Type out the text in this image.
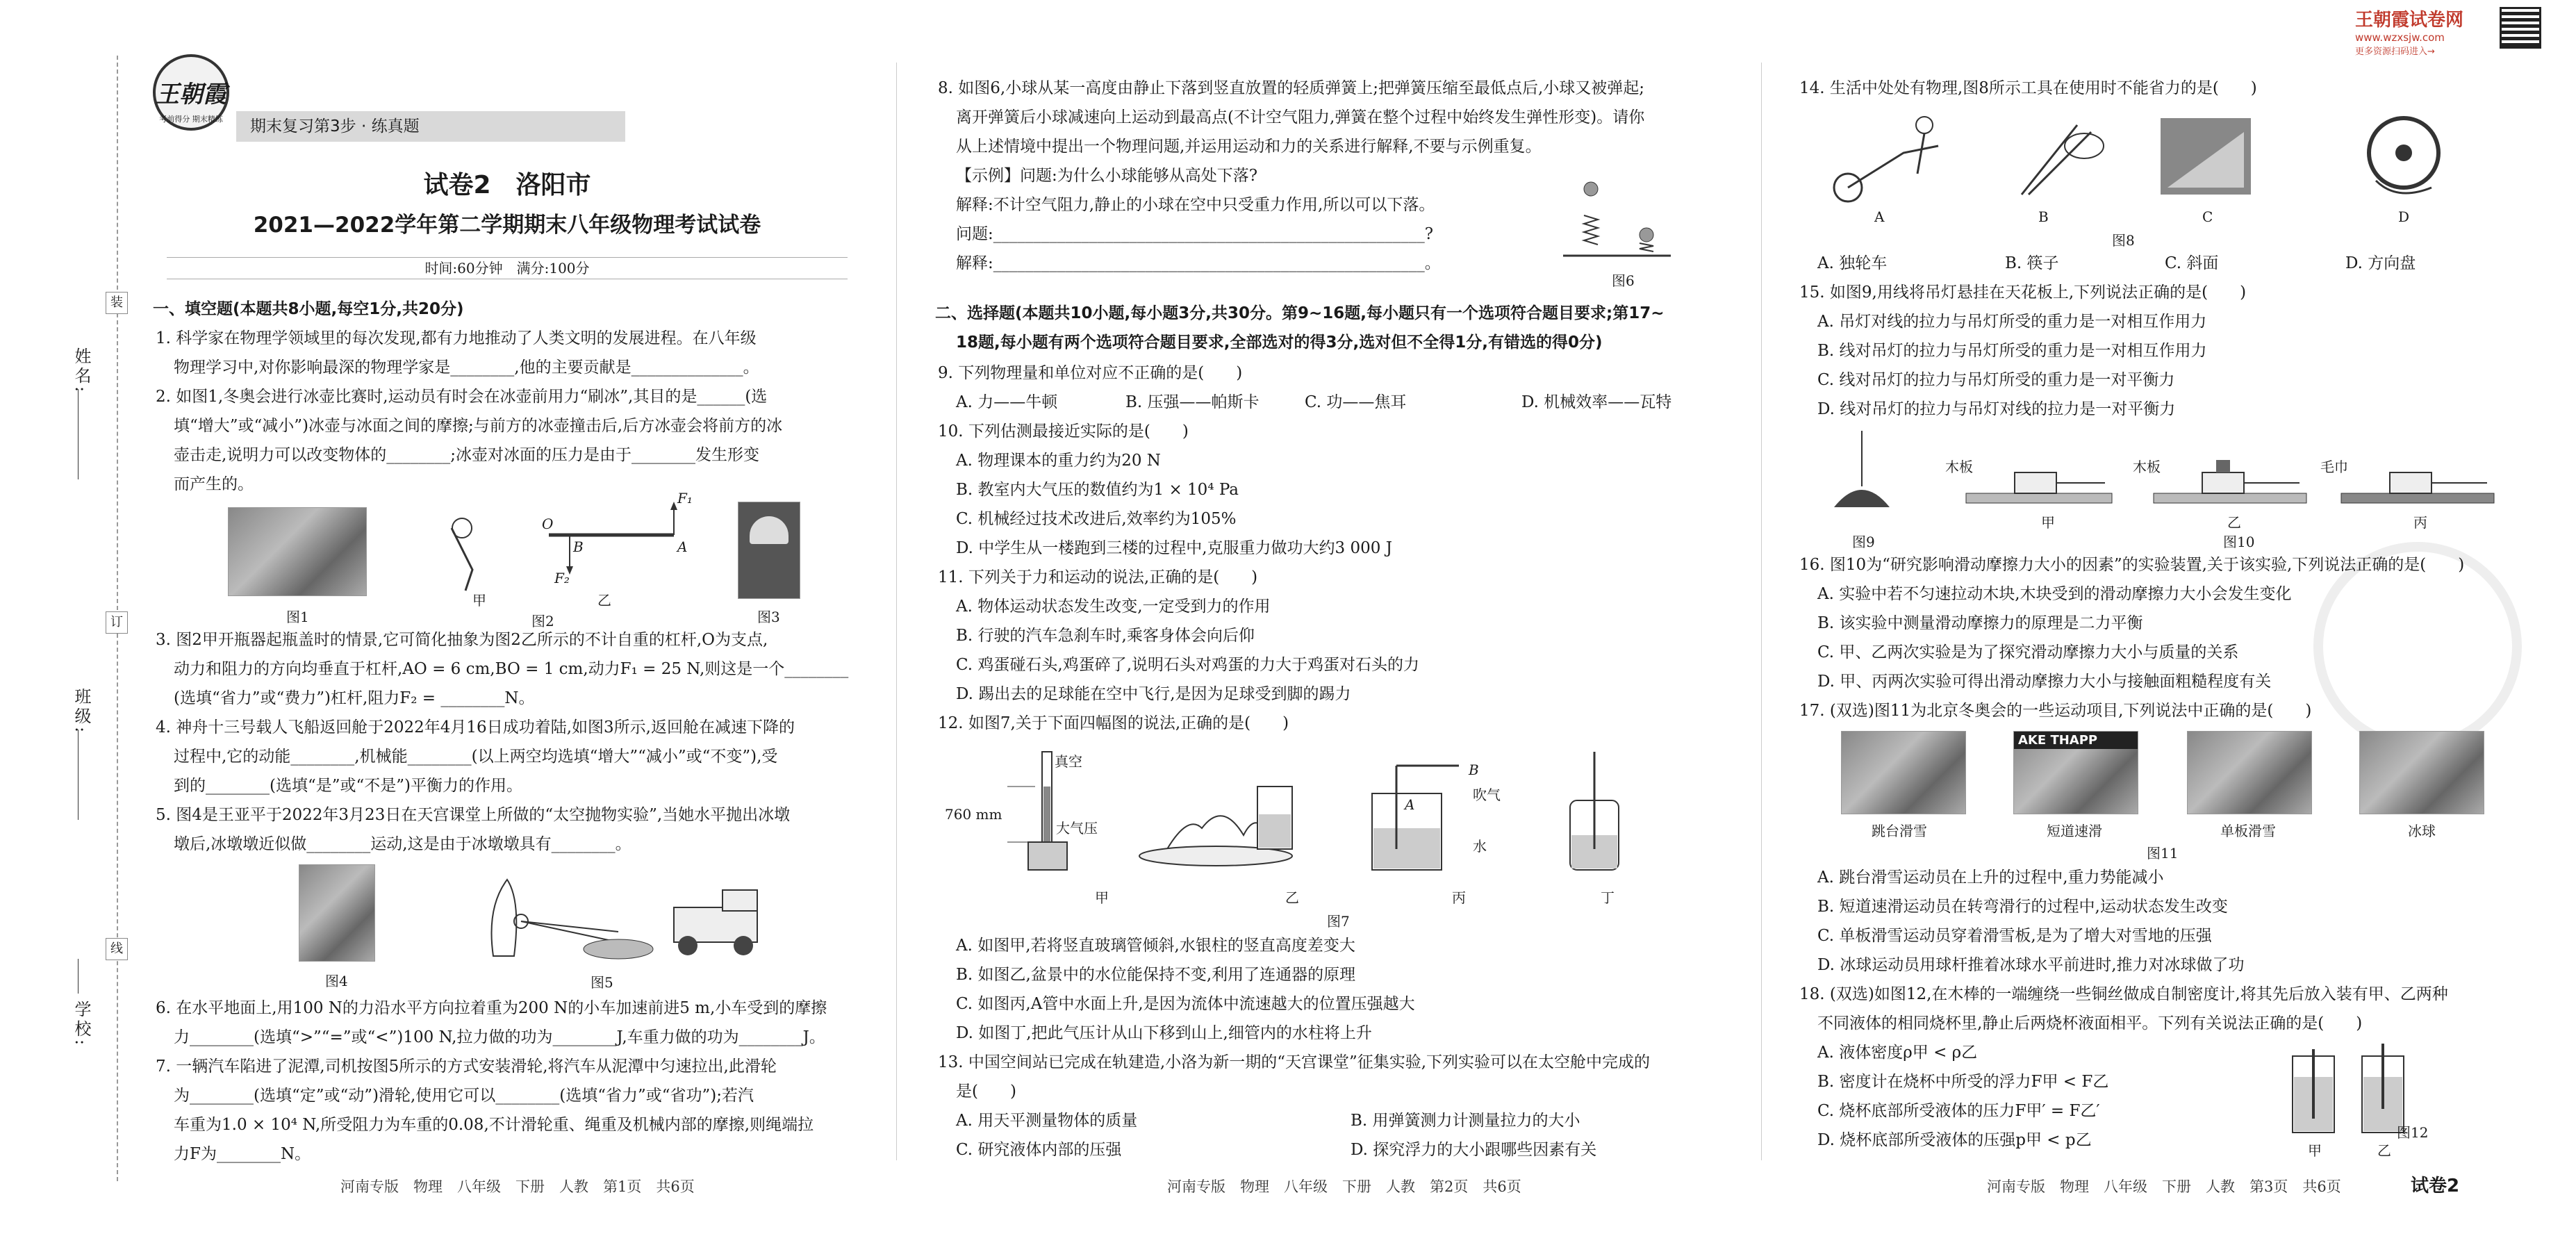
姓名:
班级:
学校:
装
订
线
王朝霞试卷网
www.wzxsjw.com
更多资源扫码进入→
王朝霞
考前得分 期末精练	期末复习第3步 · 练真题
试卷2　洛阳市
2021—2022学年第二学期期末八年级物理考试试卷
时间:60分钟　满分:100分
一、填空题(本题共8小题,每空1分,共20分)
1. 科学家在物理学领域里的每次发现,都有力地推动了人类文明的发展进程。在八年级
物理学习中,对你影响最深的物理学家是________,他的主要贡献是______________。
2. 如图1,冬奥会进行冰壶比赛时,运动员有时会在冰壶前用力“刷冰”,其目的是______(选
填“增大”或“减小”)冰壶与冰面之间的摩擦;与前方的冰壶撞击后,后方冰壶会将前方的冰
壶击走,说明力可以改变物体的________;冰壶对冰面的压力是由于________发生形变
而产生的。
图1
O
B	A
F₁
F₂
甲	乙
图2	图3
3. 图2甲开瓶器起瓶盖时的情景,它可简化抽象为图2乙所示的不计自重的杠杆,O为支点,
动力和阻力的方向均垂直于杠杆,AO = 6 cm,BO = 1 cm,动力F₁ = 25 N,则这是一个________
(选填“省力”或“费力”)杠杆,阻力F₂ = ________N。
4. 神舟十三号载人飞船返回舱于2022年4月16日成功着陆,如图3所示,返回舱在减速下降的
过程中,它的动能________,机械能________(以上两空均选填“增大”“减小”或“不变”),受
到的________(选填“是”或“不是”)平衡力的作用。
5. 图4是王亚平于2022年3月23日在天宫课堂上所做的“太空抛物实验”,当她水平抛出冰墩
墩后,冰墩墩近似做________运动,这是由于冰墩墩具有________。
图4	图5
6. 在水平地面上,用100 N的力沿水平方向拉着重为200 N的小车加速前进5 m,小车受到的摩擦
力________(选填“>”“=”或“<”)100 N,拉力做的功为________J,车重力做的功为________J。
7. 一辆汽车陷进了泥潭,司机按图5所示的方式安装滑轮,将汽车从泥潭中匀速拉出,此滑轮
为________(选填“定”或“动”)滑轮,使用它可以________(选填“省力”或“省功”);若汽
车重为1.0 × 10⁴ N,所受阻力为车重的0.08,不计滑轮重、绳重及机械内部的摩擦,则绳端拉
力F为________N。
河南专版　物理　八年级　下册　人教　第1页　共6页
8. 如图6,小球从某一高度由静止下落到竖直放置的轻质弹簧上;把弹簧压缩至最低点后,小球又被弹起;
离开弹簧后小球减速向上运动到最高点(不计空气阻力,弹簧在整个过程中始终发生弹性形变)。请你
从上述情境中提出一个物理问题,并运用运动和力的关系进行解释,不要与示例重复。
【示例】问题:为什么小球能够从高处下落?
解释:不计空气阻力,静止的小球在空中只受重力作用,所以可以下落。
问题:______________________________________________________?
解释:______________________________________________________。
图6
二、选择题(本题共10小题,每小题3分,共30分。第9~16题,每小题只有一个选项符合题目要求;第17~
18题,每小题有两个选项符合题目要求,全部选对的得3分,选对但不全得1分,有错选的得0分)
9. 下列物理量和单位对应不正确的是(　　)
A. 力——牛顿	B. 压强——帕斯卡	C. 功——焦耳	D. 机械效率——瓦特
10. 下列估测最接近实际的是(　　)
A. 物理课本的重力约为20 N
B. 教室内大气压的数值约为1 × 10⁴ Pa
C. 机械经过技术改进后,效率约为105%
D. 中学生从一楼跑到三楼的过程中,克服重力做功大约3 000 J
11. 下列关于力和运动的说法,正确的是(　　)
A. 物体运动状态发生改变,一定受到力的作用
B. 行驶的汽车急刹车时,乘客身体会向后仰
C. 鸡蛋碰石头,鸡蛋碎了,说明石头对鸡蛋的力大于鸡蛋对石头的力
D. 踢出去的足球能在空中飞行,是因为足球受到脚的踢力
12. 如图7,关于下面四幅图的说法,正确的是(　　)
真空
760 mm
大气压
甲	乙	丙	丁
水
吹气
B
A
图7
A. 如图甲,若将竖直玻璃管倾斜,水银柱的竖直高度差变大
B. 如图乙,盆景中的水位能保持不变,利用了连通器的原理
C. 如图丙,A管中水面上升,是因为流体中流速越大的位置压强越大
D. 如图丁,把此气压计从山下移到山上,细管内的水柱将上升
13. 中国空间站已完成在轨建造,小洛为新一期的“天宫课堂”征集实验,下列实验可以在太空舱中完成的
是(　　)
A. 用天平测量物体的质量	B. 用弹簧测力计测量拉力的大小
C. 研究液体内部的压强	D. 探究浮力的大小跟哪些因素有关
河南专版　物理　八年级　下册　人教　第2页　共6页
14. 生活中处处有物理,图8所示工具在使用时不能省力的是(　　)
A	B	C	D
图8
A. 独轮车	B. 筷子	C. 斜面	D. 方向盘
15. 如图9,用线将吊灯悬挂在天花板上,下列说法正确的是(　　)
A. 吊灯对线的拉力与吊灯所受的重力是一对相互作用力
B. 线对吊灯的拉力与吊灯所受的重力是一对相互作用力
C. 线对吊灯的拉力与吊灯所受的重力是一对平衡力
D. 线对吊灯的拉力与吊灯对线的拉力是一对平衡力
木板	木板	毛巾
甲	乙	丙
图9	图10
16. 图10为“研究影响滑动摩擦力大小的因素”的实验装置,关于该实验,下列说法正确的是(　　)
A. 实验中若不匀速拉动木块,木块受到的滑动摩擦力大小会发生变化
B. 该实验中测量滑动摩擦力的原理是二力平衡
C. 甲、乙两次实验是为了探究滑动摩擦力大小与质量的关系
D. 甲、丙两次实验可得出滑动摩擦力大小与接触面粗糙程度有关
17. (双选)图11为北京冬奥会的一些运动项目,下列说法中正确的是(　　)
AKE THAPP
跳台滑雪	短道速滑	单板滑雪	冰球
图11
A. 跳台滑雪运动员在上升的过程中,重力势能减小
B. 短道速滑运动员在转弯滑行的过程中,运动状态发生改变
C. 单板滑雪运动员穿着滑雪板,是为了增大对雪地的压强
D. 冰球运动员用球杆推着冰球水平前进时,推力对冰球做了功
18. (双选)如图12,在木棒的一端缠绕一些铜丝做成自制密度计,将其先后放入装有甲、乙两种
不同液体的相同烧杯里,静止后两烧杯液面相平。下列有关说法正确的是(　　)
A. 液体密度ρ甲 < ρ乙
B. 密度计在烧杯中所受的浮力F甲 < F乙
C. 烧杯底部所受液体的压力F甲′ = F乙′
D. 烧杯底部所受液体的压强p甲 < p乙
甲	乙
图12
河南专版　物理　八年级　下册　人教　第3页　共6页	试卷2
